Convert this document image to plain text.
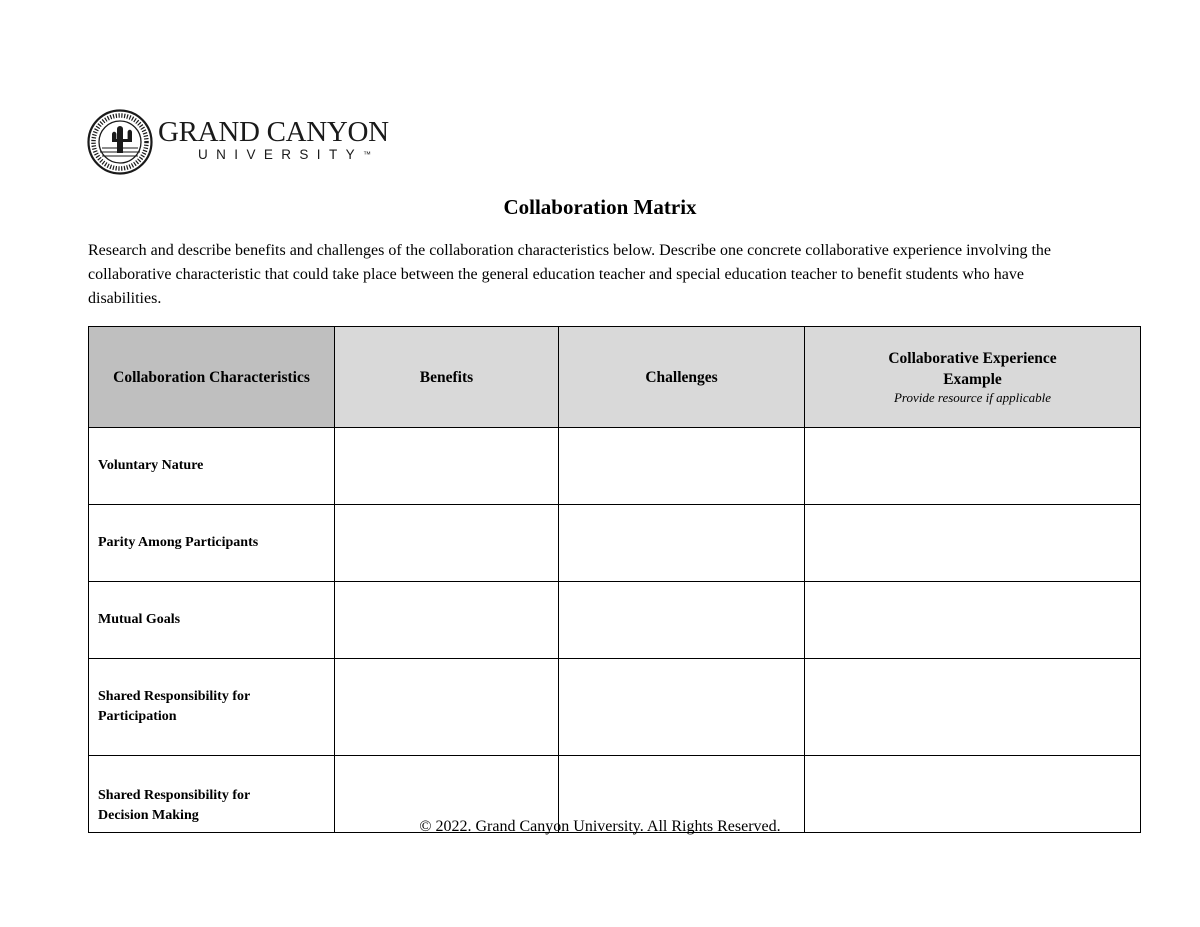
GRAND CANYON
UNIVERSITY™
Collaboration Matrix
Research and describe benefits and challenges of the collaboration characteristics below. Describe one concrete collaborative experience involving the collaborative characteristic that could take place between the general education teacher and special education teacher to benefit students who have disabilities.
Collaboration Characteristics	Benefits	Challenges	Collaborative Experience Example
Provide resource if applicable

Voluntary Nature			
Parity Among Participants			
Mutual Goals			
Shared Responsibility for Participation			

Shared Responsibility for Decision Making			

© 2022. Grand Canyon University. All Rights Reserved.
